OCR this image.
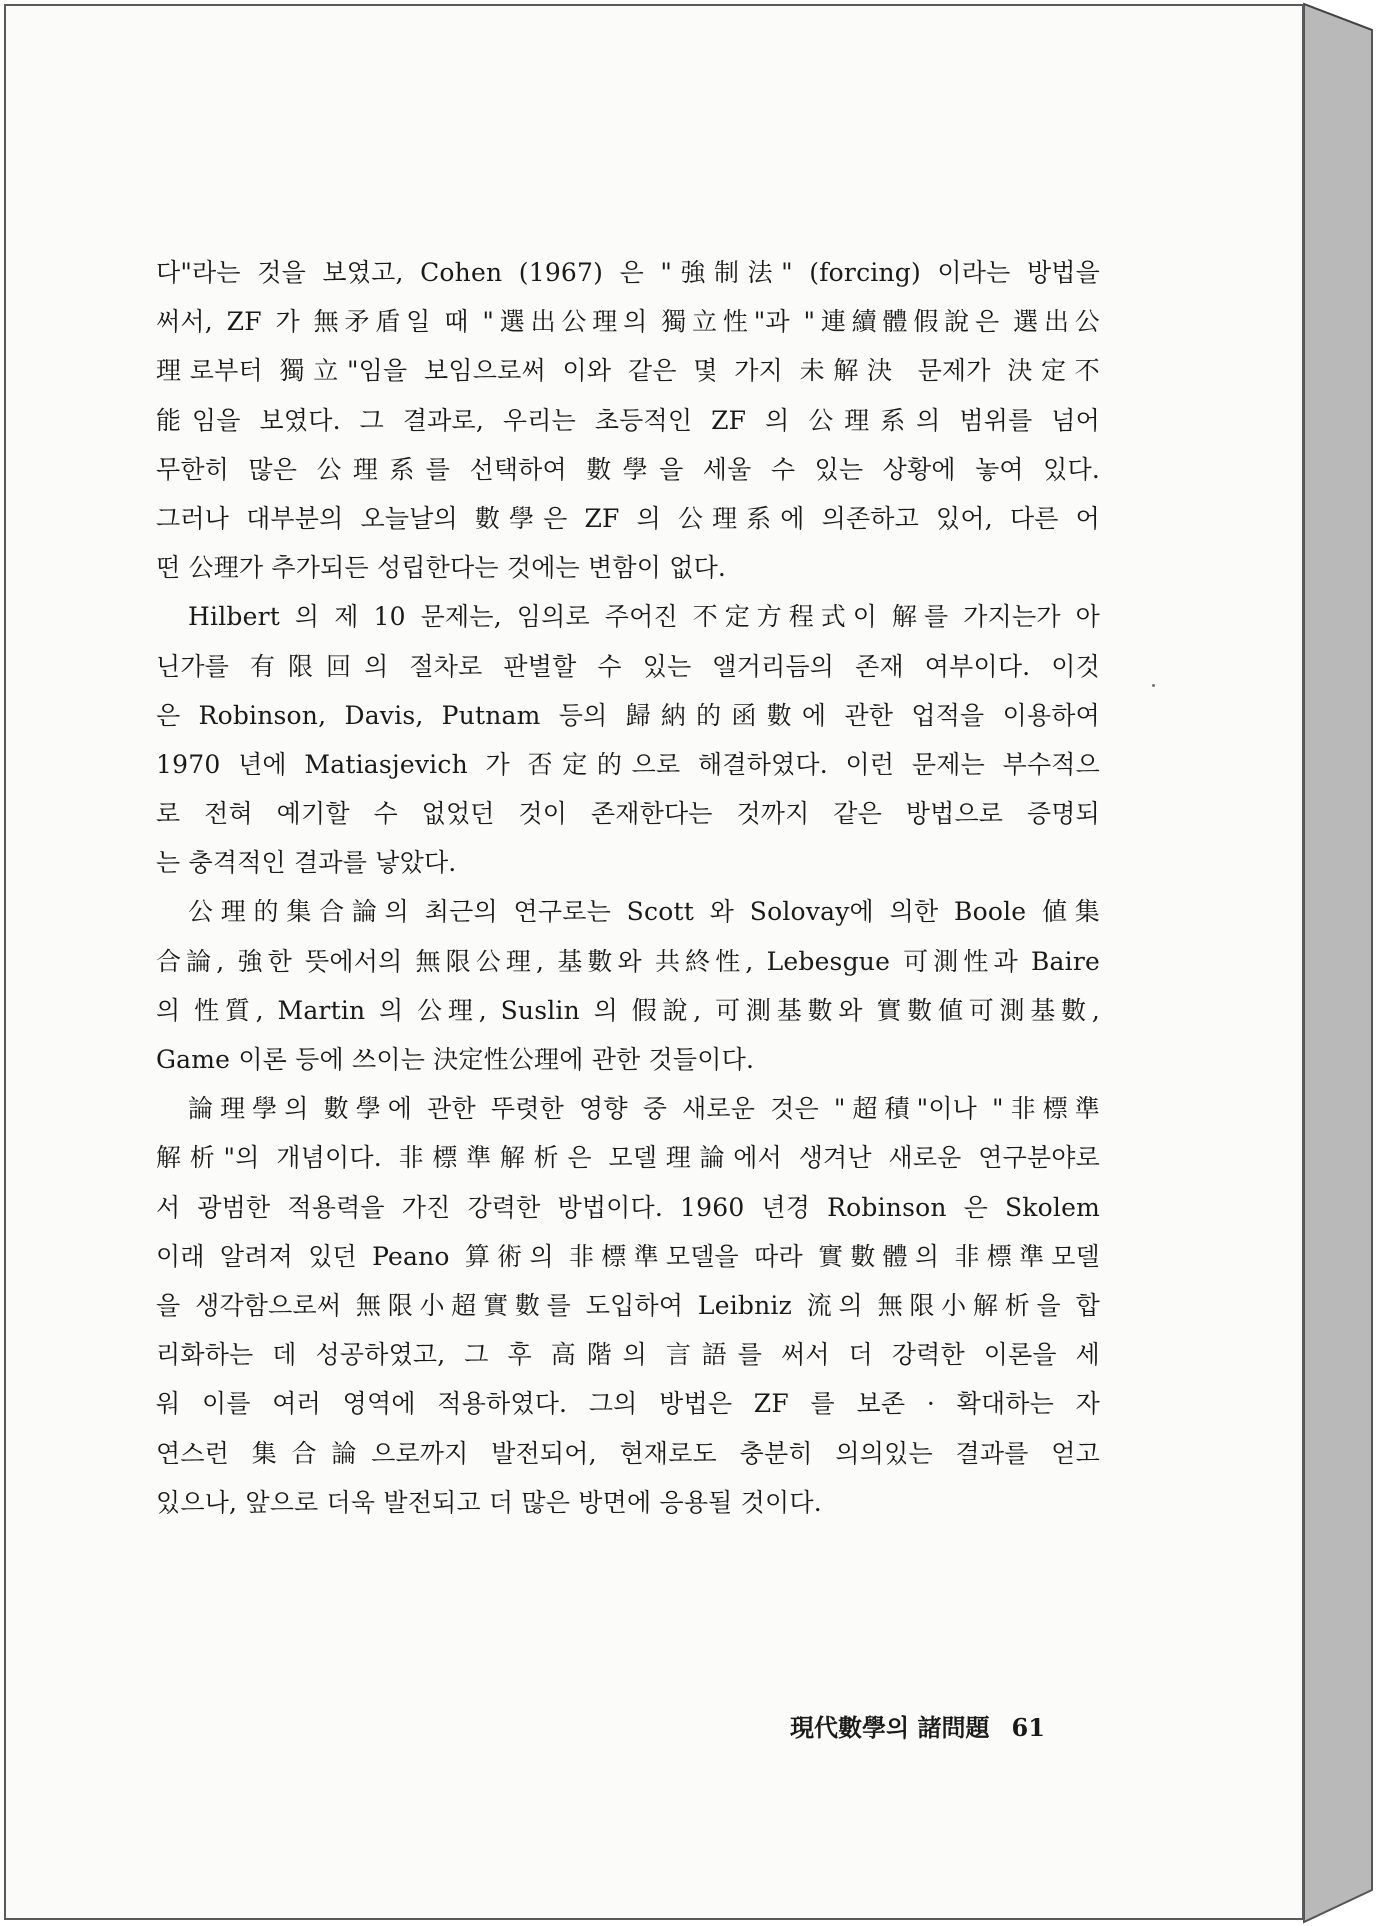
다"라는 것을 보였고, Cohen (1967) 은 "強制法" (forcing) 이라는 방법을
써서, ZF 가 無矛盾일 때 "選出公理의 獨立性"과 "連續體假說은 選出公
理로부터 獨立"임을 보임으로써 이와 같은 몇 가지 未解決 문제가 決定不
能임을 보였다. 그 결과로, 우리는 초등적인 ZF 의 公理系의 범위를 넘어
무한히 많은 公理系를 선택하여 數學을 세울 수 있는 상황에 놓여 있다.
그러나 대부분의 오늘날의 數學은 ZF 의 公理系에 의존하고 있어, 다른 어
떤 公理가 추가되든 성립한다는 것에는 변함이 없다.
Hilbert 의 제 10 문제는, 임의로 주어진 不定方程式이 解를 가지는가 아
닌가를 有限回의 절차로 판별할 수 있는 앨거리듬의 존재 여부이다. 이것
은 Robinson, Davis, Putnam 등의 歸納的函數에 관한 업적을 이용하여
1970 년에 Matiasjevich 가 否定的으로 해결하였다. 이런 문제는 부수적으
로 전혀 예기할 수 없었던 것이 존재한다는 것까지 같은 방법으로 증명되
는 충격적인 결과를 낳았다.
公理的集合論의 최근의 연구로는 Scott 와 Solovay에 의한 Boole 値集
合論, 強한 뜻에서의 無限公理, 基數와 共終性, Lebesgue 可測性과 Baire
의 性質, Martin 의 公理, Suslin 의 假說, 可測基數와 實數値可測基數,
Game 이론 등에 쓰이는 決定性公理에 관한 것들이다.
論理學의 數學에 관한 뚜렷한 영향 중 새로운 것은 "超積"이나 "非標準
解析"의 개념이다. 非標準解析은 모델理論에서 생겨난 새로운 연구분야로
서 광범한 적용력을 가진 강력한 방법이다. 1960 년경 Robinson 은 Skolem
이래 알려져 있던 Peano 算術의 非標準모델을 따라 實數體의 非標準모델
을 생각함으로써 無限小超實數를 도입하여 Leibniz 流의 無限小解析을 합
리화하는 데 성공하였고, 그 후 高階의 言語를 써서 더 강력한 이론을 세
워 이를 여러 영역에 적용하였다. 그의 방법은 ZF 를 보존 · 확대하는 자
연스런 集合論으로까지 발전되어, 현재로도 충분히 의의있는 결과를 얻고
있으나, 앞으로 더욱 발전되고 더 많은 방면에 응용될 것이다.
現代數學의 諸問題 61
